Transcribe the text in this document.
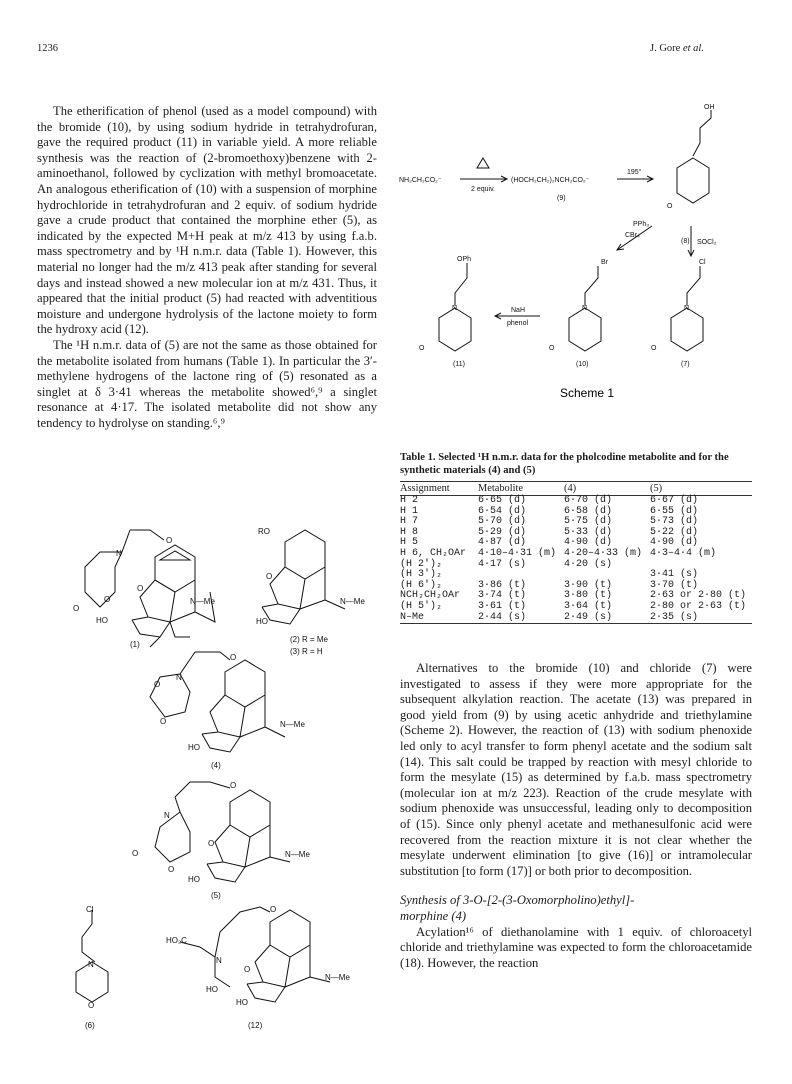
1236	J. Gore et al.

The etherification of phenol (used as a model compound) with the bromide (10), by using sodium hydride in tetrahydrofuran, gave the required product (11) in variable yield. A more reliable synthesis was the reaction of (2-bromoethoxy)benzene with 2-aminoethanol, followed by cyclization with methyl bromoacetate. An analogous etherification of (10) with a suspension of morphine hydrochloride in tetrahydrofuran and 2 equiv. of sodium hydride gave a crude product that contained the morphine ether (5), as indicated by the expected M+H peak at m/z 413 by using f.a.b. mass spectrometry and by ¹H n.m.r. data (Table 1). However, this material no longer had the m/z 413 peak after standing for several days and instead showed a new molecular ion at m/z 431. Thus, it appeared that the initial product (5) had reacted with adventitious moisture and undergone hydrolysis of the lactone moiety to form the hydroxy acid (12).

The ¹H n.m.r. data of (5) are not the same as those obtained for the metabolite isolated from humans (Table 1). In particular the 3′-methylene hydrogens of the lactone ring of (5) resonated as a singlet at δ 3·41 whereas the metabolite showed⁶,⁹ a singlet resonance at 4·17. The isolated metabolite did not show any tendency to hydrolyse on standing.⁶,⁹

O
N
O
O
O
N—Me
HO
(1)
RO
O
N—Me
HO
(2) R = Me
(3) R = H
O
N
O
O	N—Me
HO
(4)
O
N
O
O
O	N—Me
HO
(5)
Cl
N
O
(6)
HO₂C
N
O
HO
O
N—Me
HO
(12)
NH₂CH₂CO₂⁻
2 equiv.
(HOCH₂CH₂)₂NCH₂CO₂⁻
(9)
195°
OH
O
(8)
PPh₃
CBr₄
SOCl₂
OPh
N
O
(11)
NaH
phenol
Br
N
O
(10)
Cl
N
O
(7)
Scheme 1
Table 1. Selected ¹H n.m.r. data for the pholcodine metabolite and for the synthetic materials (4) and (5)
Assignment	Metabolite	(4)	(5)
H 2	6·65 (d)	6·70 (d)	6·67 (d)
H 1	6·54 (d)	6·58 (d)	6·55 (d)
H 7	5·70 (d)	5·75 (d)	5·73 (d)
H 8	5·29 (d)	5·33 (d)	5·22 (d)
H 5	4·87 (d)	4·90 (d)	4·90 (d)
H 6, CH₂OAr	4·10–4·31 (m)	4·20–4·33 (m)	4·3–4·4 (m)
(H 2′)₂	4·17 (s)	4·20 (s)	
(H 3′)₂			3·41 (s)
(H 6′)₂	3·86 (t)	3·90 (t)	3·70 (t)
NCH₂CH₂OAr	3·74 (t)	3·80 (t)	2·63 or 2·80 (t)
(H 5′)₂	3·61 (t)	3·64 (t)	2·80 or 2·63 (t)
N–Me	2·44 (s)	2·49 (s)	2·35 (s)

Alternatives to the bromide (10) and chloride (7) were investigated to assess if they were more appropriate for the subsequent alkylation reaction. The acetate (13) was prepared in good yield from (9) by using acetic anhydride and triethylamine (Scheme 2). However, the reaction of (13) with sodium phenoxide led only to acyl transfer to form phenyl acetate and the sodium salt (14). This salt could be trapped by reaction with mesyl chloride to form the mesylate (15) as determined by f.a.b. mass spectrometry (molecular ion at m/z 223). Reaction of the crude mesylate with sodium phenoxide was unsuccessful, leading only to decomposition of (15). Since only phenyl acetate and methanesulfonic acid were recovered from the reaction mixture it is not clear whether the mesylate underwent elimination [to give (16)] or intramolecular substitution [to form (17)] or both prior to decomposition.

Synthesis of 3-O-[2-(3-Oxomorpholino)ethyl]-
morphine (4)

Acylation¹⁶ of diethanolamine with 1 equiv. of chloroacetyl chloride and triethylamine was expected to form the chloroacetamide (18). However, the reaction
